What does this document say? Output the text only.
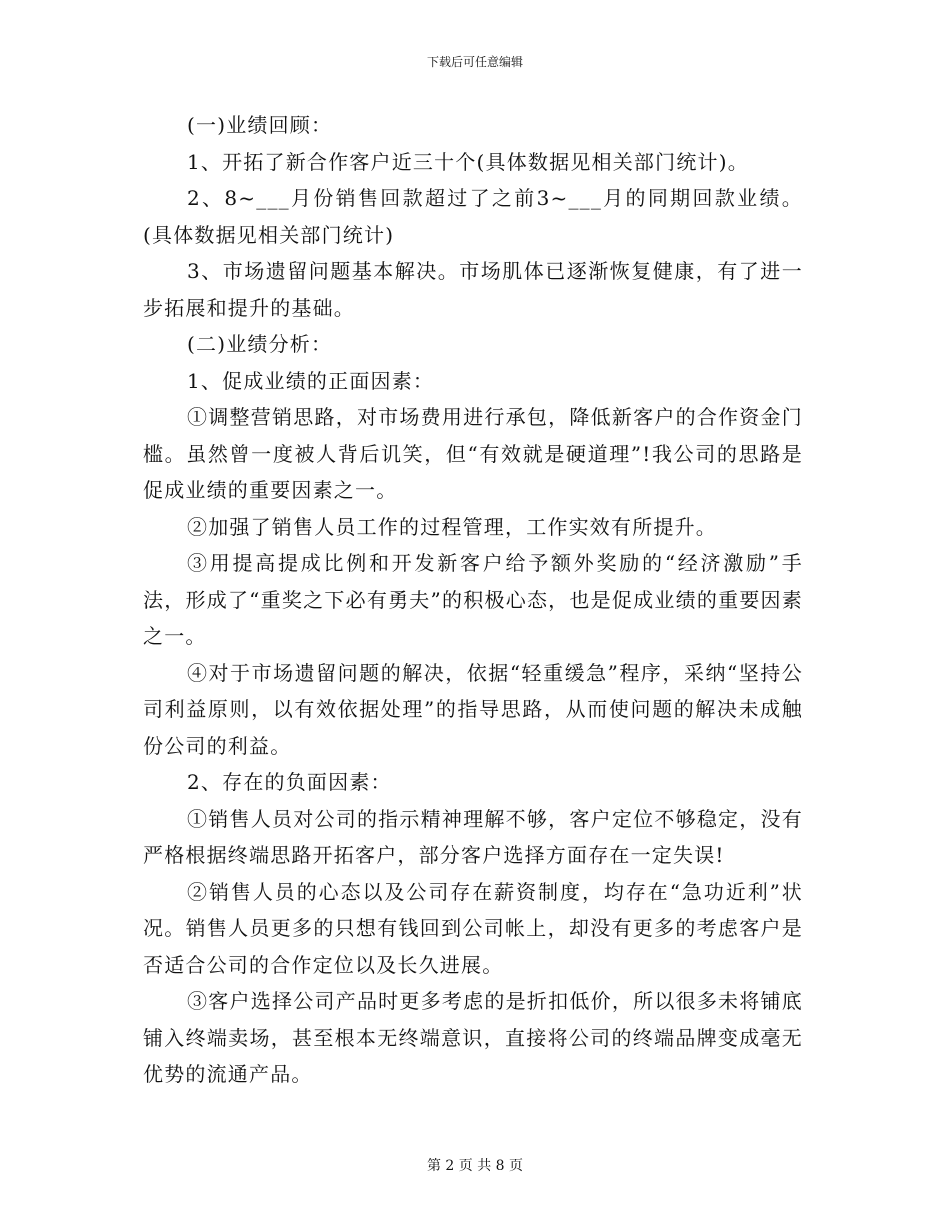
下载后可任意编辑

(一)业绩回顾：

1、开拓了新合作客户近三十个(具体数据见相关部门统计)。

2、8~___月份销售回款超过了之前3~___月的同期回款业绩。(具体数据见相关部门统计)

3、市场遗留问题基本解决。市场肌体已逐渐恢复健康，有了进一步拓展和提升的基础。

(二)业绩分析：

1、促成业绩的正面因素：

①调整营销思路，对市场费用进行承包，降低新客户的合作资金门槛。虽然曾一度被人背后讥笑，但“有效就是硬道理”!我公司的思路是促成业绩的重要因素之一。

②加强了销售人员工作的过程管理，工作实效有所提升。

③用提高提成比例和开发新客户给予额外奖励的“经济激励”手法，形成了“重奖之下必有勇夫”的积极心态，也是促成业绩的重要因素之一。

④对于市场遗留问题的解决，依据“轻重缓急”程序，采纳“坚持公司利益原则，以有效依据处理”的指导思路，从而使问题的解决未成触份公司的利益。

2、存在的负面因素：

①销售人员对公司的指示精神理解不够，客户定位不够稳定，没有严格根据终端思路开拓客户，部分客户选择方面存在一定失误!

②销售人员的心态以及公司存在薪资制度，均存在“急功近利”状况。销售人员更多的只想有钱回到公司帐上，却没有更多的考虑客户是否适合公司的合作定位以及长久进展。

③客户选择公司产品时更多考虑的是折扣低价，所以很多未将铺底铺入终端卖场，甚至根本无终端意识，直接将公司的终端品牌变成毫无优势的流通产品。

第 2 页 共 8 页
